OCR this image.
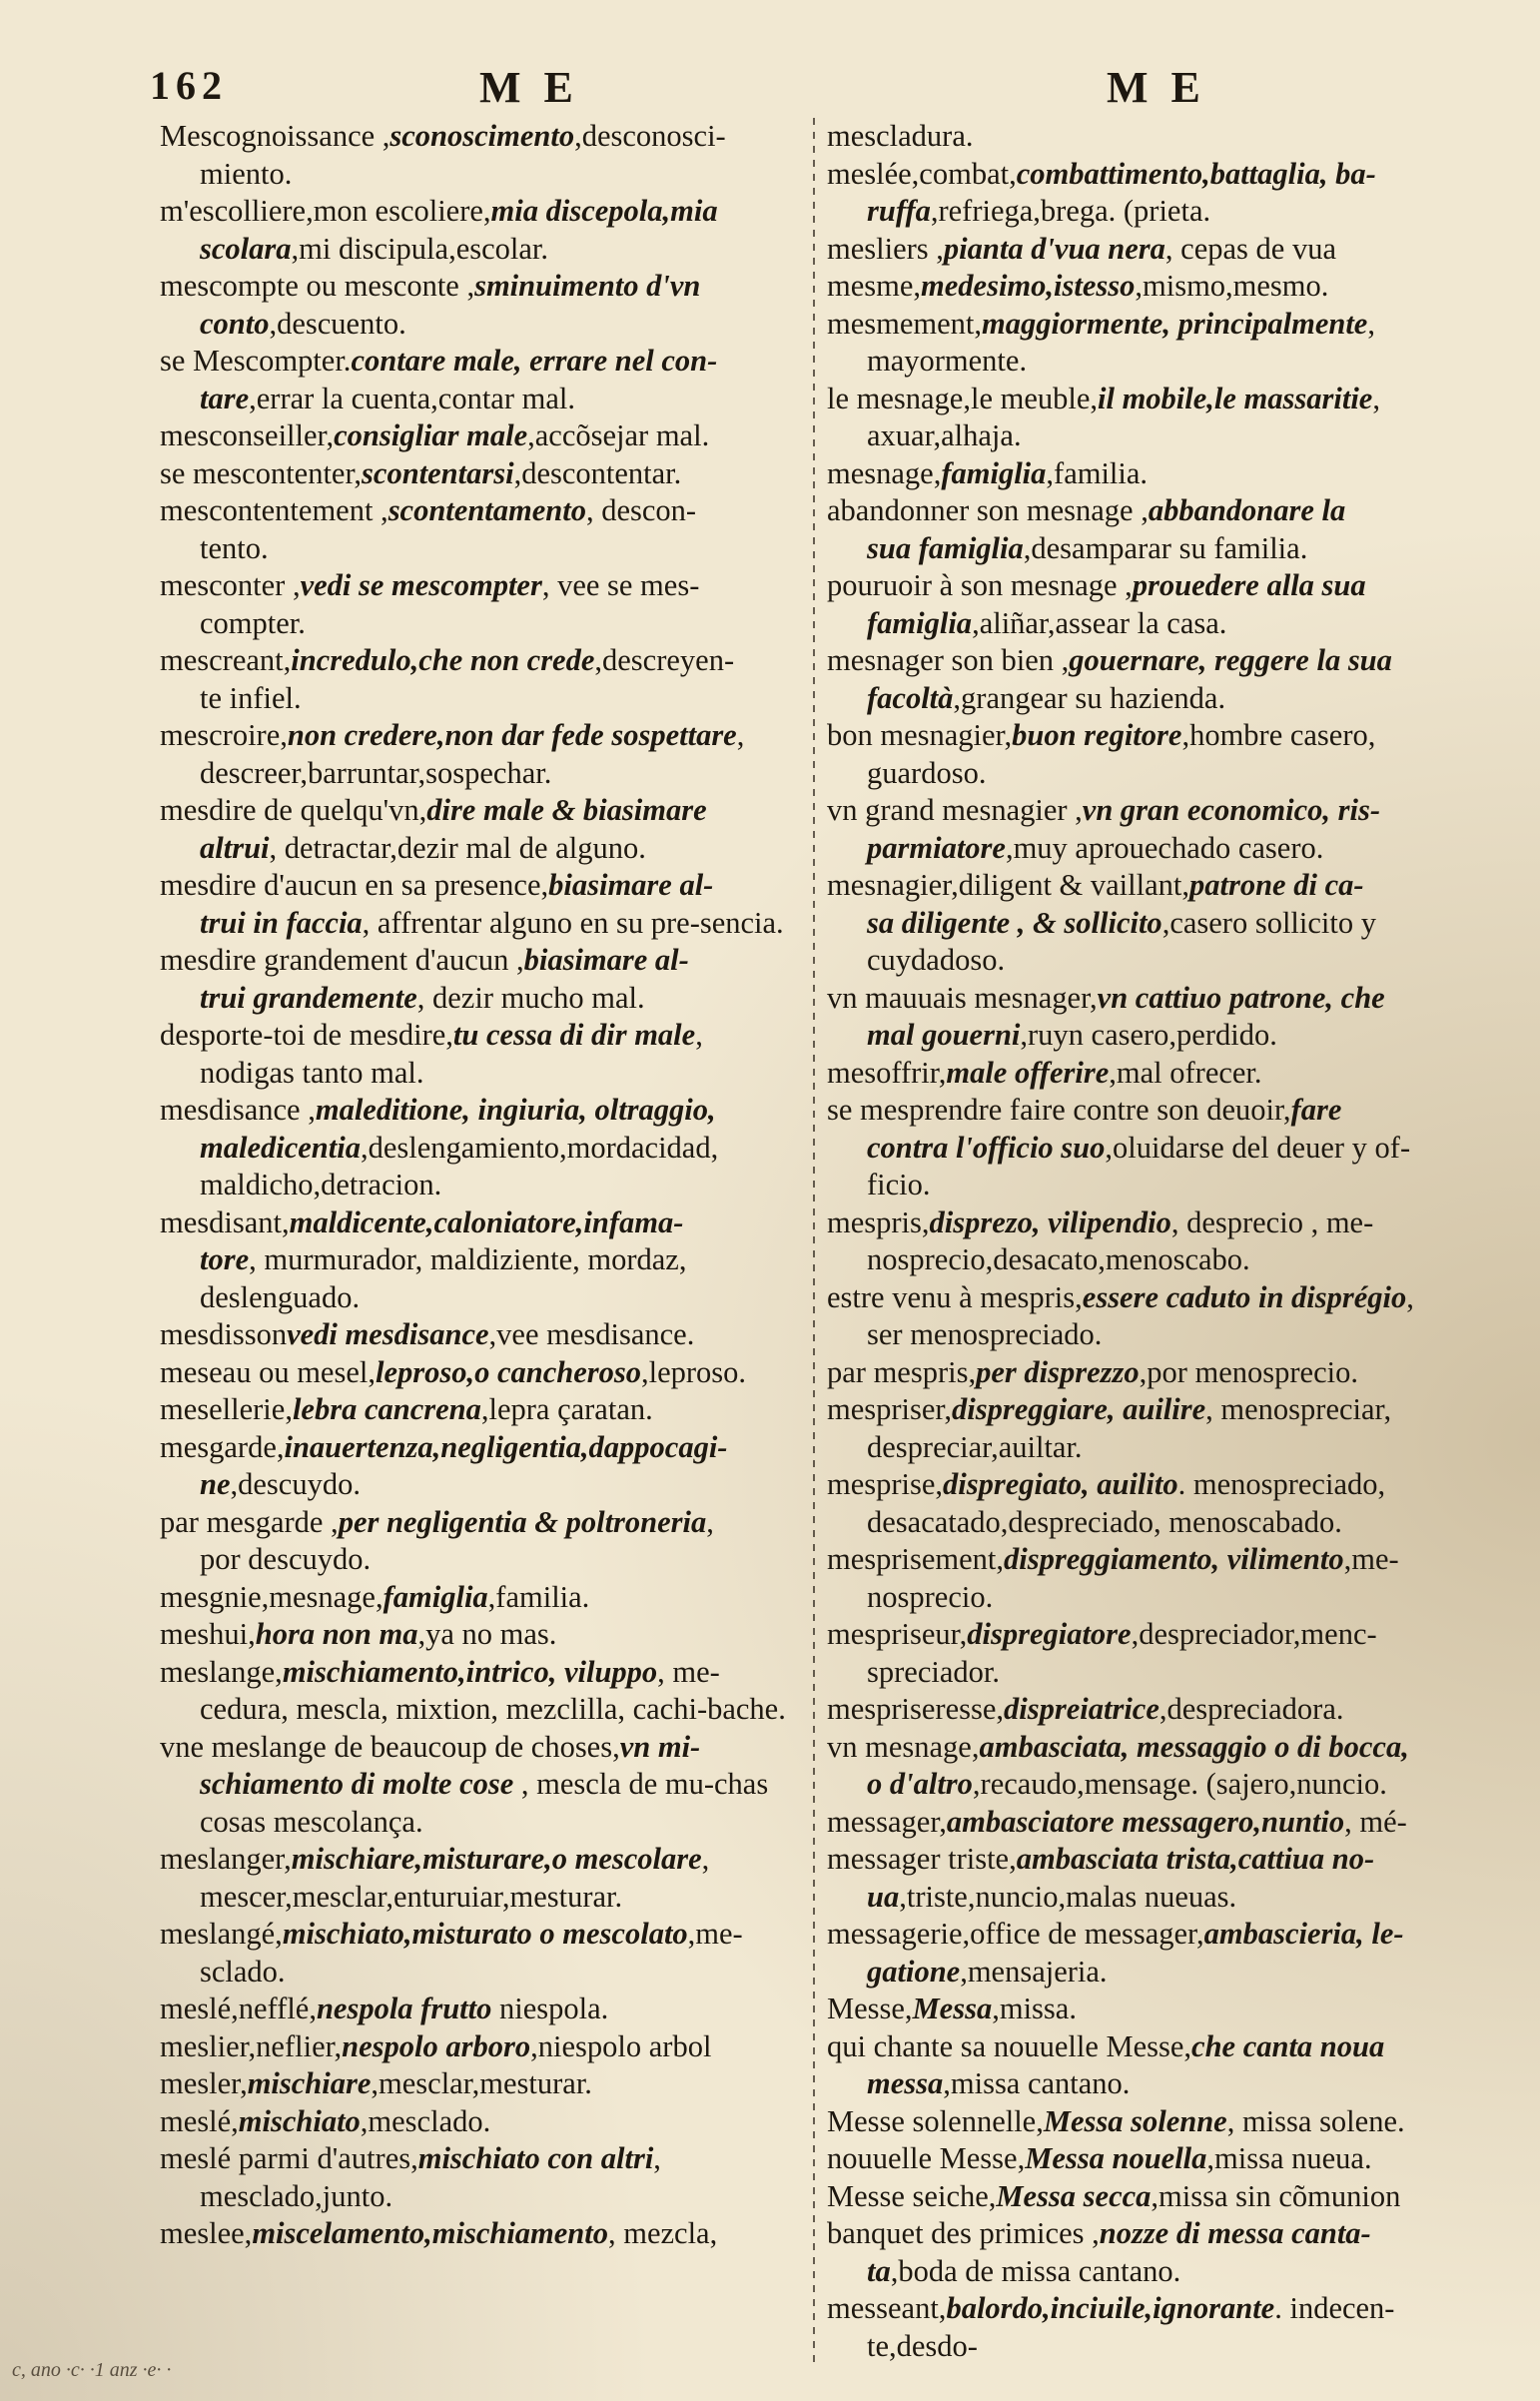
162	M E	M E
Mescognoissance ,sconoscimento,desconosci-
miento.
m'escolliere,mon escoliere,mia discepola,mia
scolara,mi discipula,escolar.
mescompte ou mesconte ,sminuimento d'vn
conto,descuento.
se Mescompter.contare male, errare nel con-
tare,errar la cuenta,contar mal.
mesconseiller,consigliar male,accõsejar mal.
se mescontenter,scontentarsi,descontentar.
mescontentement ,scontentamento, descon-
tento.
mesconter ,vedi se mescompter, vee se mes-
compter.
mescreant,incredulo,che non crede,descreyen-
te infiel.
mescroire,non credere,non dar fede sospettare,
descreer,barruntar,sospechar.
mesdire de quelqu'vn,dire male & biasimare
altrui, detractar,dezir mal de alguno.
mesdire d'aucun en sa presence,biasimare al-
trui in faccia, affrentar alguno en su pre-sencia.
mesdire grandement d'aucun ,biasimare al-
trui grandemente, dezir mucho mal.
desporte-toi de mesdire,tu cessa di dir male,
nodigas tanto mal.
mesdisance ,maleditione, ingiuria, oltraggio,
maledicentia,deslengamiento,mordacidad, maldicho,detracion.
mesdisant,maldicente,caloniatore,infama-
tore, murmurador, maldiziente, mordaz, deslenguado.
mesdissonvedi mesdisance,vee mesdisance.
meseau ou mesel,leproso,o cancheroso,leproso.
mesellerie,lebra cancrena,lepra çaratan.
mesgarde,inauertenza,negligentia,dappocagi-
ne,descuydo.
par mesgarde ,per negligentia & poltroneria,
por descuydo.
mesgnie,mesnage,famiglia,familia.
meshui,hora non ma,ya no mas.
meslange,mischiamento,intrico, viluppo, me-
cedura, mescla, mixtion, mezclilla, cachi-bache.
vne meslange de beaucoup de choses,vn mi-
schiamento di molte cose , mescla de mu-chas cosas mescolança.
meslanger,mischiare,misturare,o mescolare,
mescer,mesclar,enturuiar,mesturar.
meslangé,mischiato,misturato o mescolato,me-
sclado.
meslé,nefflé,nespola frutto niespola.
meslier,neflier,nespolo arboro,niespolo arbol
mesler,mischiare,mesclar,mesturar.
meslé,mischiato,mesclado.
meslé parmi d'autres,mischiato con altri,
mesclado,junto.
meslee,miscelamento,mischiamento, mezcla,
mescladura.
meslée,combat,combattimento,battaglia, ba-
ruffa,refriega,brega. (prieta.
mesliers ,pianta d'vua nera, cepas de vua
mesme,medesimo,istesso,mismo,mesmo.
mesmement,maggiormente, principalmente,
mayormente.
le mesnage,le meuble,il mobile,le massaritie,
axuar,alhaja.
mesnage,famiglia,familia.
abandonner son mesnage ,abbandonare la
sua famiglia,desamparar su familia.
pouruoir à son mesnage ,prouedere alla sua
famiglia,aliñar,assear la casa.
mesnager son bien ,gouernare, reggere la sua
facoltà,grangear su hazienda.
bon mesnagier,buon regitore,hombre casero,
guardoso.
vn grand mesnagier ,vn gran economico, ris-
parmiatore,muy aprouechado casero.
mesnagier,diligent & vaillant,patrone di ca-
sa diligente , & sollicito,casero sollicito y cuydadoso.
vn mauuais mesnager,vn cattiuo patrone, che
mal gouerni,ruyn casero,perdido.
mesoffrir,male offerire,mal ofrecer.
se mesprendre faire contre son deuoir,fare
contra l'officio suo,oluidarse del deuer y of-ficio.
mespris,disprezo, vilipendio, desprecio , me-
nosprecio,desacato,menoscabo.
estre venu à mespris,essere caduto in disprégio,
ser menospreciado.
par mespris,per disprezzo,por menosprecio.
mespriser,dispreggiare, auilire, menospreciar,
despreciar,auiltar.
mesprise,dispregiato, auilito. menospreciado,
desacatado,despreciado, menoscabado.
mesprisement,dispreggiamento, vilimento,me-
nosprecio.
mespriseur,dispregiatore,despreciador,menc-
spreciador.
mespriseresse,dispreiatrice,despreciadora.
vn mesnage,ambasciata, messaggio o di bocca,
o d'altro,recaudo,mensage. (sajero,nuncio.
messager,ambasciatore messagero,nuntio, mé-
messager triste,ambasciata trista,cattiua no-
ua,triste,nuncio,malas nueuas.
messagerie,office de messager,ambascieria, le-
gatione,mensajeria.
Messe,Messa,missa.
qui chante sa nouuelle Messe,che canta noua
messa,missa cantano.
Messe solennelle,Messa solenne, missa solene.
nouuelle Messe,Messa nouella,missa nueua.
Messe seiche,Messa secca,missa sin cõmunion
banquet des primices ,nozze di messa canta-
ta,boda de missa cantano.
messeant,balordo,inciuile,ignorante. indecen-
te,desdo-
c, ano ·c· ·1 anz ·e· ·
